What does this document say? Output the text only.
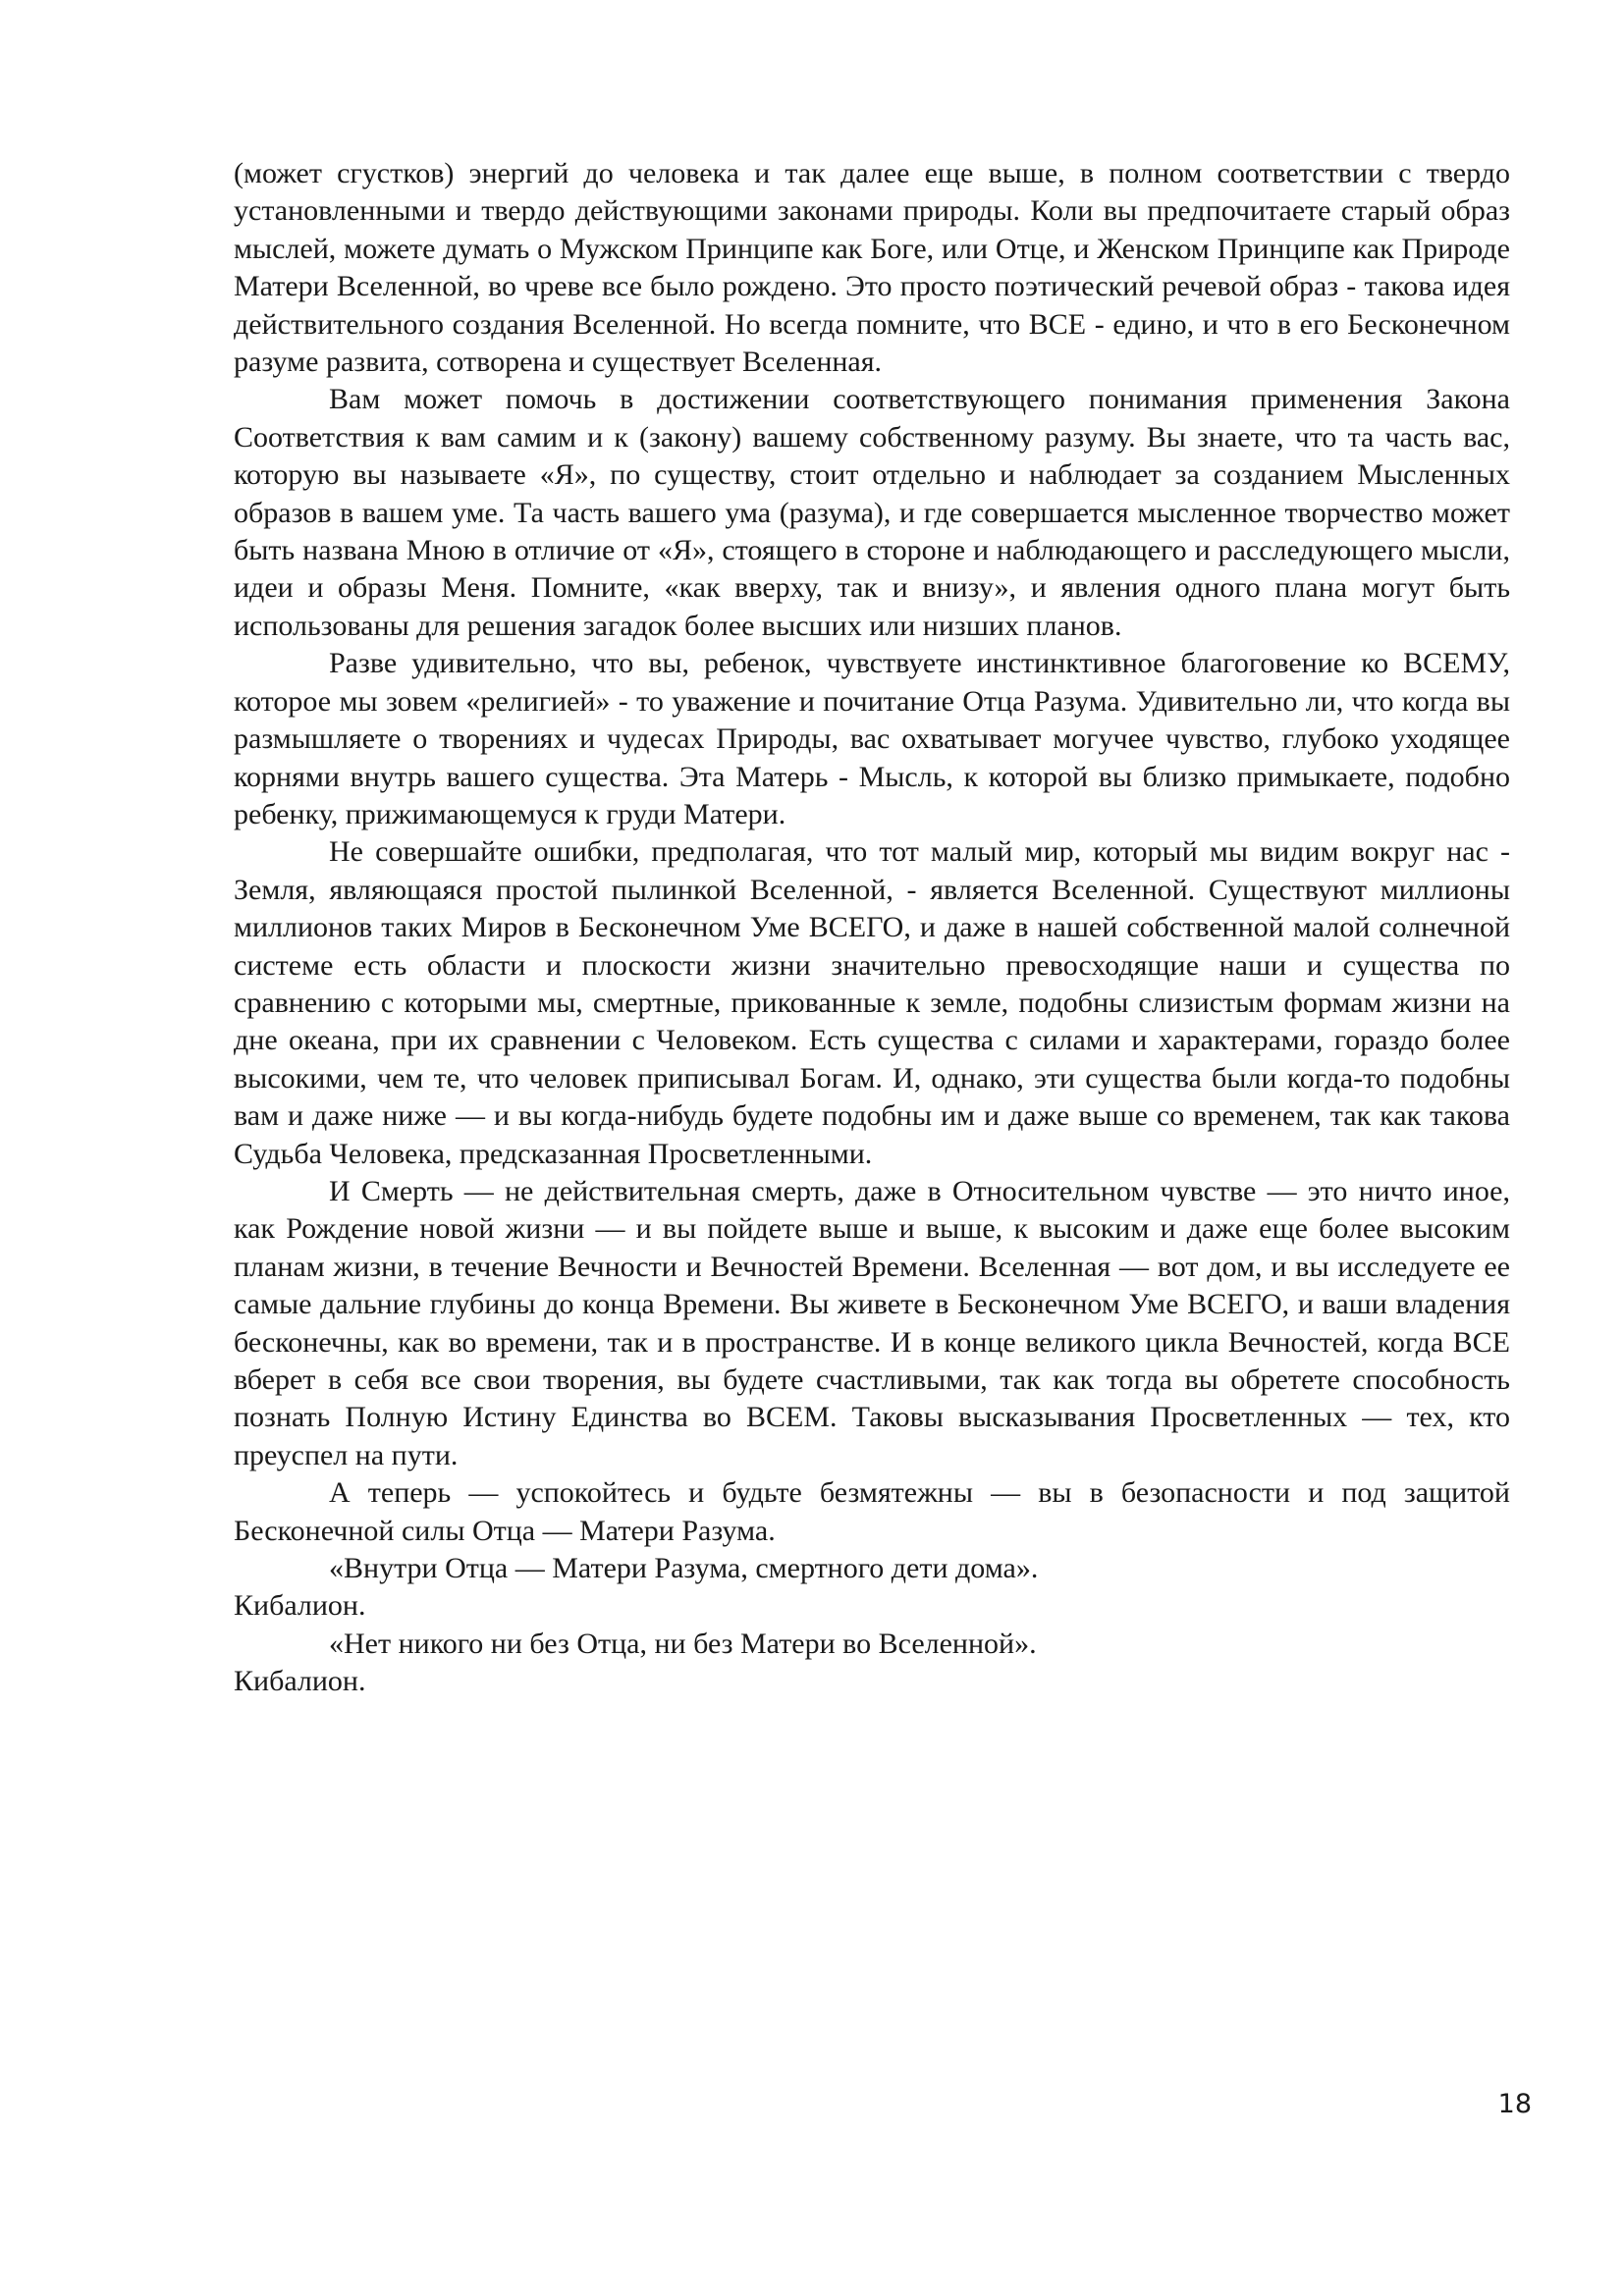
(может сгустков) энергий до человека и так далее еще выше, в полном соответствии с твердо установленными и твердо действующими законами природы. Коли вы предпочитаете старый образ мыслей, можете думать о Мужском Принципе как Боге, или Отце, и Женском Принципе как Природе Матери Вселенной, во чреве все было рождено. Это просто поэтический речевой образ - такова идея действительного создания Вселенной. Но всегда помните, что ВСЕ - едино, и что в его Бесконечном разуме развита, сотворена и существует Вселенная.

Вам может помочь в достижении соответствующего понимания применения Закона Соответствия к вам самим и к (закону) вашему собственному разуму. Вы знаете, что та часть вас, которую вы называете «Я», по существу, стоит отдельно и наблюдает за созданием Мысленных образов в вашем уме. Та часть вашего ума (разума), и где совершается мысленное творчество может быть названа Мною в отличие от «Я», стоящего в стороне и наблюдающего и расследующего мысли, идеи и образы Меня. Помните, «как вверху, так и внизу», и явления одного плана могут быть использованы для решения загадок более высших или низших планов.

Разве удивительно, что вы, ребенок, чувствуете инстинктивное благоговение ко ВСЕМУ, которое мы зовем «религией» - то уважение и почитание Отца Разума. Удивительно ли, что когда вы размышляете о творениях и чудесах Природы, вас охватывает могучее чувство, глубоко уходящее корнями внутрь вашего существа. Эта Матерь - Мысль, к которой вы близко примыкаете, подобно ребенку, прижимающемуся к груди Матери.

Не совершайте ошибки, предполагая, что тот малый мир, который мы видим вокруг нас - Земля, являющаяся простой пылинкой Вселенной, - является Вселенной. Существуют миллионы миллионов таких Миров в Бесконечном Уме ВСЕГО, и даже в нашей собственной малой солнечной системе есть области и плоскости жизни значительно превосходящие наши и существа по сравнению с которыми мы, смертные, прикованные к земле, подобны слизистым формам жизни на дне океана, при их сравнении с Человеком. Есть существа с силами и характерами, гораздо более высокими, чем те, что человек приписывал Богам. И, однако, эти существа были когда-то подобны вам и даже ниже — и вы когда-нибудь будете подобны им и даже выше со временем, так как такова Судьба Человека, предсказанная Просветленными.

И Смерть — не действительная смерть, даже в Относительном чувстве — это ничто иное, как Рождение новой жизни — и вы пойдете выше и выше, к высоким и даже еще более высоким планам жизни, в течение Вечности и Вечностей Времени. Вселенная — вот дом, и вы исследуете ее самые дальние глубины до конца Времени. Вы живете в Бесконечном Уме ВСЕГО, и ваши владения бесконечны, как во времени, так и в пространстве. И в конце великого цикла Вечностей, когда ВСЕ вберет в себя все свои творения, вы будете счастливыми, так как тогда вы обретете способность познать Полную Истину Единства во ВСЕМ. Таковы высказывания Просветленных — тех, кто преуспел на пути.

А теперь — успокойтесь и будьте безмятежны — вы в безопасности и под защитой Бесконечной силы Отца — Матери Разума.

«Внутри Отца — Матери Разума, смертного дети дома».

Кибалион.

«Нет никого ни без Отца, ни без Матери во Вселенной».

Кибалион.

18
